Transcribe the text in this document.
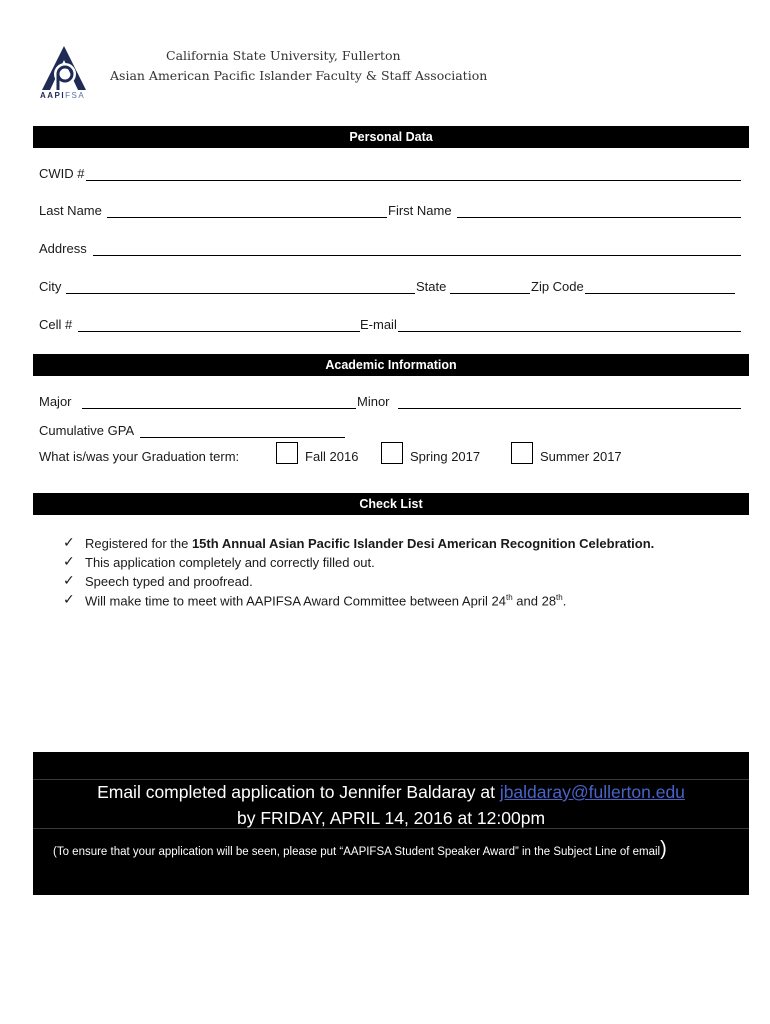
AAPIFSA
California State University, Fullerton
Asian American Pacific Islander Faculty & Staff Association
Personal Data
CWID #
Last Name	First Name
Address
City	State	Zip Code
Cell #	E-mail
Academic Information
Major	Minor
Cumulative GPA
What is/was your Graduation term:	Fall 2016	Spring 2017	Summer 2017
Check List
✓ Registered for the 15th Annual Asian Pacific Islander Desi American Recognition Celebration.
✓ This application completely and correctly filled out.
✓ Speech typed and proofread.
✓ Will make time to meet with AAPIFSA Award Committee between April 24th and 28th.
Email completed application to Jennifer Baldaray at jbaldaray@fullerton.edu
by FRIDAY, APRIL 14, 2016 at 12:00pm
(To ensure that your application will be seen, please put “AAPIFSA Student Speaker Award” in the Subject Line of email)
